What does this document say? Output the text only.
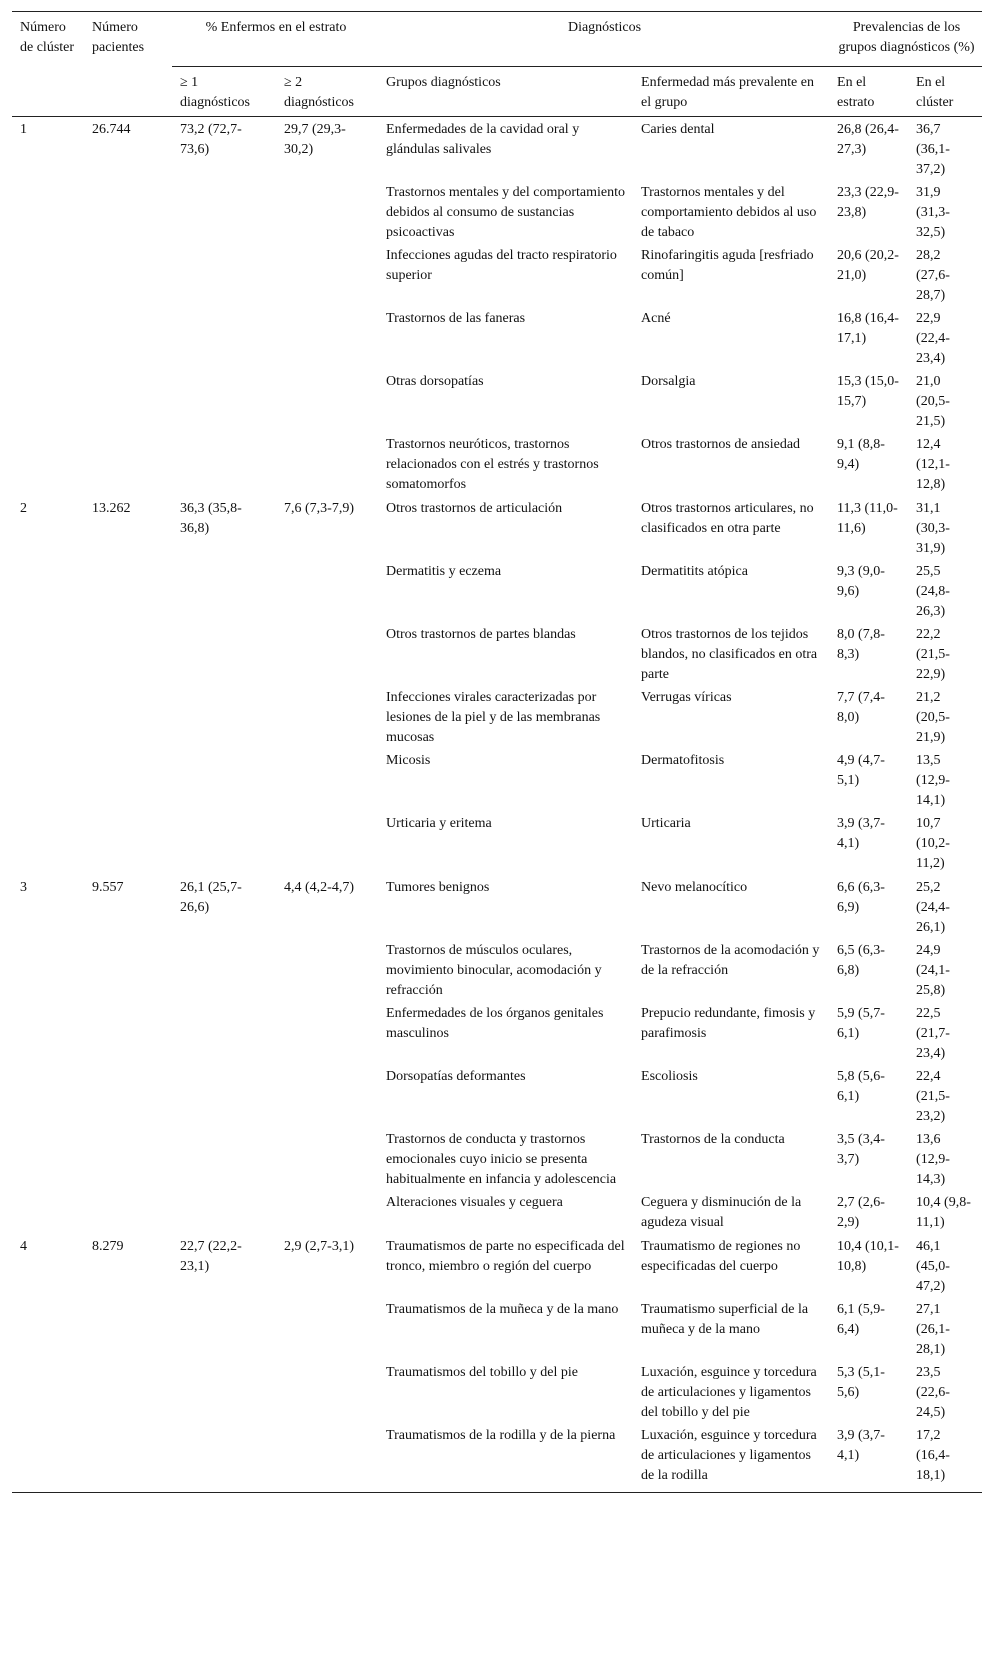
Número de clúster	Número pacientes	% Enfermos en el estrato		Diagnósticos		Prevalencias de los grupos diagnósticos (%)	
		≥ 1 diagnósticos	≥ 2 diagnósticos	Grupos diagnósticos	Enfermedad más prevalente en el grupo	En el estrato	En el clúster
1	26.744	73,2 (72,7-73,6)	29,7 (29,3-30,2)	Enfermedades de la cavidad oral y glándulas salivales	Caries dental	26,8 (26,4-27,3)	36,7 (36,1-37,2)
				Trastornos mentales y del comportamiento debidos al consumo de sustancias psicoactivas	Trastornos mentales y del comportamiento debidos al uso de tabaco	23,3 (22,9-23,8)	31,9 (31,3-32,5)
				Infecciones agudas del tracto respiratorio superior	Rinofaringitis aguda [resfriado común]	20,6 (20,2-21,0)	28,2 (27,6-28,7)
				Trastornos de las faneras	Acné	16,8 (16,4-17,1)	22,9 (22,4-23,4)
				Otras dorsopatías	Dorsalgia	15,3 (15,0-15,7)	21,0 (20,5-21,5)
				Trastornos neuróticos, trastornos relacionados con el estrés y trastornos somatomorfos	Otros trastornos de ansiedad	9,1 (8,8-9,4)	12,4 (12,1-12,8)
2	13.262	36,3 (35,8-36,8)	7,6 (7,3-7,9)	Otros trastornos de articulación	Otros trastornos articulares, no clasificados en otra parte	11,3 (11,0-11,6)	31,1 (30,3-31,9)
				Dermatitis y eczema	Dermatitits atópica	9,3 (9,0-9,6)	25,5 (24,8-26,3)
				Otros trastornos de partes blandas	Otros trastornos de los tejidos blandos, no clasificados en otra parte	8,0 (7,8-8,3)	22,2 (21,5-22,9)
				Infecciones virales caracterizadas por lesiones de la piel y de las membranas mucosas	Verrugas víricas	7,7 (7,4-8,0)	21,2 (20,5-21,9)
				Micosis	Dermatofitosis	4,9 (4,7-5,1)	13,5 (12,9-14,1)
				Urticaria y eritema	Urticaria	3,9 (3,7-4,1)	10,7 (10,2-11,2)
3	9.557	26,1 (25,7-26,6)	4,4 (4,2-4,7)	Tumores benignos	Nevo melanocítico	6,6 (6,3-6,9)	25,2 (24,4-26,1)
				Trastornos de músculos oculares, movimiento binocular, acomodación y refracción	Trastornos de la acomodación y de la refracción	6,5 (6,3-6,8)	24,9 (24,1-25,8)
				Enfermedades de los órganos genitales masculinos	Prepucio redundante, fimosis y parafimosis	5,9 (5,7-6,1)	22,5 (21,7-23,4)
				Dorsopatías deformantes	Escoliosis	5,8 (5,6-6,1)	22,4 (21,5-23,2)
				Trastornos de conducta y trastornos emocionales cuyo inicio se presenta habitualmente en infancia y adolescencia	Trastornos de la conducta	3,5 (3,4-3,7)	13,6 (12,9-14,3)
				Alteraciones visuales y ceguera	Ceguera y disminución de la agudeza visual	2,7 (2,6-2,9)	10,4 (9,8-11,1)
4	8.279	22,7 (22,2-23,1)	2,9 (2,7-3,1)	Traumatismos de parte no especificada del tronco, miembro o región del cuerpo	Traumatismo de regiones no especificadas del cuerpo	10,4 (10,1-10,8)	46,1 (45,0-47,2)
				Traumatismos de la muñeca y de la mano	Traumatismo superficial de la muñeca y de la mano	6,1 (5,9-6,4)	27,1 (26,1-28,1)
				Traumatismos del tobillo y del pie	Luxación, esguince y torcedura de articulaciones y ligamentos del tobillo y del pie	5,3 (5,1-5,6)	23,5 (22,6-24,5)
				Traumatismos de la rodilla y de la pierna	Luxación, esguince y torcedura de articulaciones y ligamentos de la rodilla	3,9 (3,7-4,1)	17,2 (16,4-18,1)
